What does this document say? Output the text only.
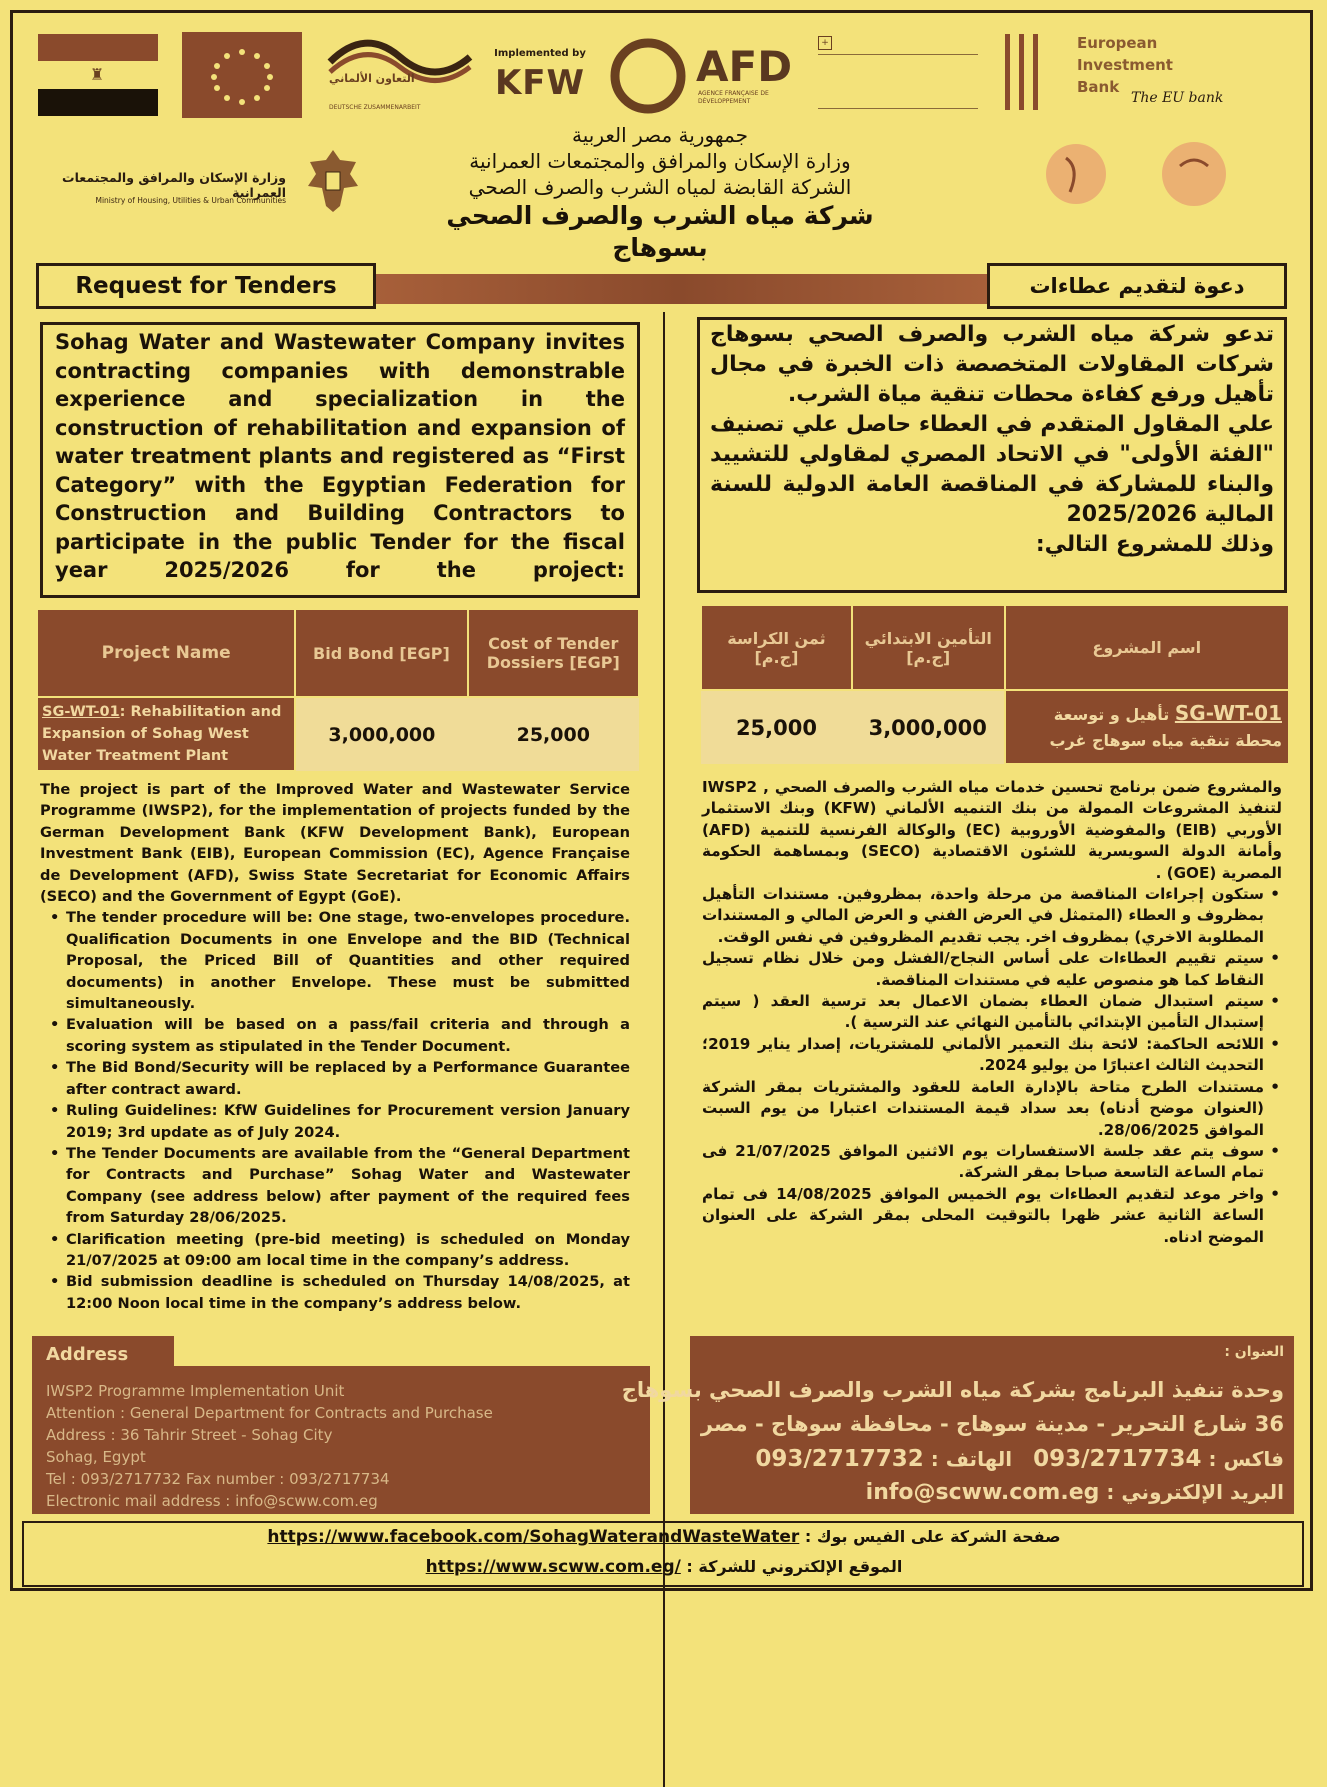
♜	التعاون الألماني
DEUTSCHE ZUSAMMENARBEIT
Implemented by
KFW	AFD
AGENCE FRANÇAISE DE DÉVELOPPEMENT
+	European
Investment
Bank
The EU bank
وزارة الإسكان والمرافق والمجتمعات العمرانية
Ministry of Housing, Utilities & Urban Communities
جمهورية مصر العربية
وزارة الإسكان والمرافق والمجتمعات العمرانية
الشركة القابضة لمياه الشرب والصرف الصحي
شركة مياه الشرب والصرف الصحي بسوهاج
Request for Tenders	دعوة لتقديم عطاءات
Sohag Water and Wastewater Company invites contracting companies with demonstrable experience and specialization in the construction of rehabilitation and expansion of water treatment plants and registered as “First Category” with the Egyptian Federation for Construction and Building Contractors to participate in the public Tender for the fiscal year 2025/2026 for the project:
تدعو شركة مياه الشرب والصرف الصحي بسوهاج شركات المقاولات المتخصصة ذات الخبرة في مجال تأهيل ورفع كفاءة محطات تنقية مياة الشرب.
علي المقاول المتقدم في العطاء حاصل علي تصنيف "الفئة الأولى" في الاتحاد المصري لمقاولي للتشييد والبناء للمشاركة في المناقصة العامة الدولية للسنة المالية 2025/2026
وذلك للمشروع التالي:
Project Name	Bid Bond [EGP]	Cost of Tender Dossiers [EGP]
SG-WT-01: Rehabilitation and Expansion of Sohag West Water Treatment Plant	3,000,000	25,000
ثمن الكراسة [ج.م]	التأمين الابتدائي [ج.م]	اسم المشروع
25,000	3,000,000	SG-WT-01 تأهيل و توسعة محطة تنقية مياه سوهاج غرب
The project is part of the Improved Water and Wastewater Service Programme (IWSP2), for the implementation of projects funded by the German Development Bank (KFW Development Bank), European Investment Bank (EIB), European Commission (EC), Agence Française de Development (AFD), Swiss State Secretariat for Economic Affairs (SECO) and the Government of Egypt (GoE).
• The tender procedure will be: One stage, two-envelopes procedure. Qualification Documents in one Envelope and the BID (Technical Proposal, the Priced Bill of Quantities and other required documents) in another Envelope. These must be submitted simultaneously.
• Evaluation will be based on a pass/fail criteria and through a scoring system as stipulated in the Tender Document.
• The Bid Bond/Security will be replaced by a Performance Guarantee after contract award.
• Ruling Guidelines: KfW Guidelines for Procurement version January 2019; 3rd update as of July 2024.
• The Tender Documents are available from the “General Department for Contracts and Purchase” Sohag Water and Wastewater Company (see address below) after payment of the required fees from Saturday 28/06/2025.
• Clarification meeting (pre-bid meeting) is scheduled on Monday 21/07/2025 at 09:00 am local time in the company’s address.
• Bid submission deadline is scheduled on Thursday 14/08/2025, at 12:00 Noon local time in the company’s address below.
والمشروع ضمن برنامج تحسين خدمات مياه الشرب والصرف الصحي , IWSP2 لتنفيذ المشروعات الممولة من بنك التنميه الألماني (KFW) وبنك الاستثمار الأوربي (EIB) والمفوضية الأوروبية (EC) والوكالة الفرنسية للتنمية (AFD) وأمانة الدولة السويسرية للشئون الاقتصادية (SECO) وبمساهمة الحكومة المصرية (GOE) .
• ستكون إجراءات المناقصة من مرحلة واحدة، بمظروفين. مستندات التأهيل بمظروف و العطاء (المتمثل في العرض الفني و العرض المالي و المستندات المطلوبة الاخري) بمظروف اخر. يجب تقديم المظروفين في نفس الوقت.
• سيتم تقييم العطاءات على أساس النجاح/الفشل ومن خلال نظام تسجيل النقاط كما هو منصوص عليه في مستندات المناقصة.
• سيتم استبدال ضمان العطاء بضمان الاعمال بعد ترسية العقد ( سيتم إستبدال التأمين الإبتدائي بالتأمين النهائي عند الترسية ).
• اللائحه الحاكمة: لائحة بنك التعمير الألماني للمشتريات، إصدار يناير 2019؛ التحديث الثالث اعتبارًا من يوليو 2024.
• مستندات الطرح متاحة بالإدارة العامة للعقود والمشتريات بمقر الشركة (العنوان موضح أدناه) بعد سداد قيمة المستندات اعتبارا من يوم السبت الموافق 28/06/2025.
• سوف يتم عقد جلسة الاستفسارات يوم الاثنين الموافق 21/07/2025 فى تمام الساعة التاسعة صباحا بمقر الشركة.
• واخر موعد لتقديم العطاءات يوم الخميس الموافق 14/08/2025 فى تمام الساعة الثانية عشر ظهرا بالتوقيت المحلى بمقر الشركة على العنوان الموضح ادناه.
Address
IWSP2 Programme Implementation Unit
Attention : General Department for Contracts and Purchase
Address : 36 Tahrir Street - Sohag City
Sohag, Egypt
Tel : 093/2717732 Fax number : 093/2717734
Electronic mail address : info@scww.com.eg
العنوان :
وحدة تنفيذ البرنامج بشركة مياه الشرب والصرف الصحي بسوهاج
36 شارع التحرير - مدينة سوهاج - محافظة سوهاج - مصر
فاكس : 093/2717734 الهاتف : 093/2717732
البريد الإلكتروني : info@scww.com.eg
صفحة الشركة على الفيس بوك : https://www.facebook.com/SohagWaterandWasteWater
الموقع الإلكتروني للشركة : https://www.scww.com.eg/
